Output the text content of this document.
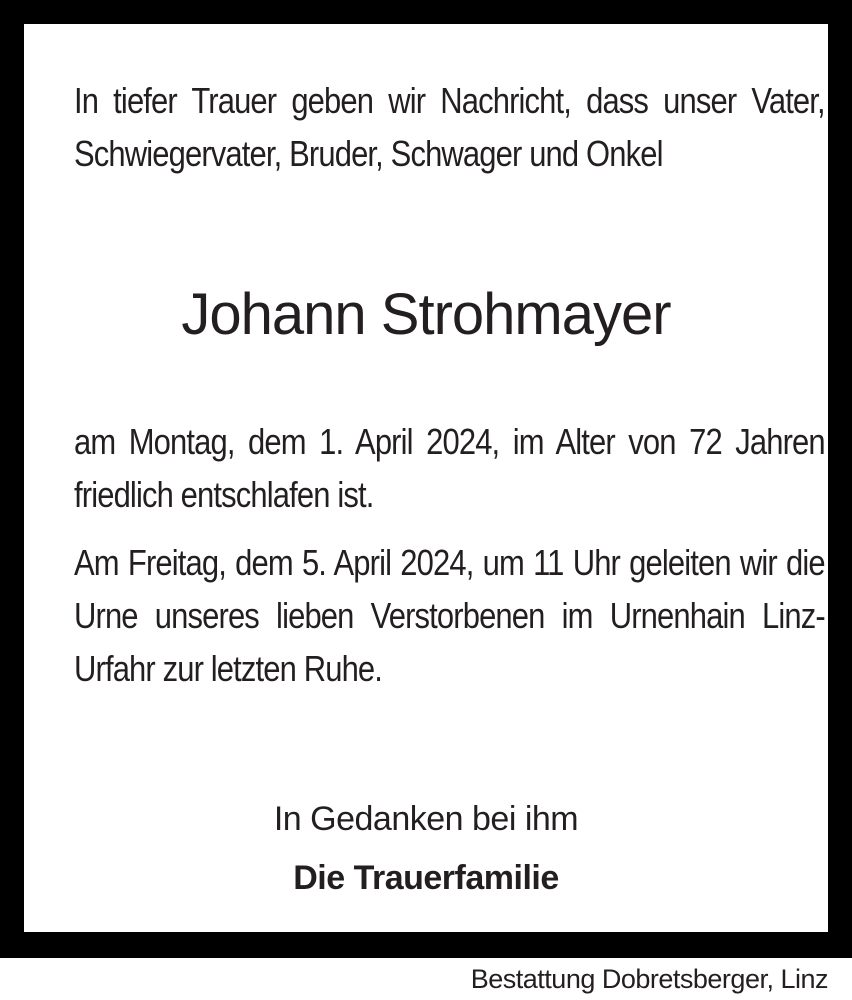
In tiefer Trauer geben wir Nachricht, dass unser Vater, Schwiegervater, Bruder, Schwager und Onkel

Johann Strohmayer

am Montag, dem 1. April 2024, im Alter von 72 Jahren friedlich entschlafen ist.

Am Freitag, dem 5. April 2024, um 11 Uhr geleiten wir die Urne unseres lieben Verstorbenen im Urnenhain Linz-Urfahr zur letzten Ruhe.

In Gedanken bei ihm

Die Trauerfamilie

Bestattung Dobretsberger, Linz
